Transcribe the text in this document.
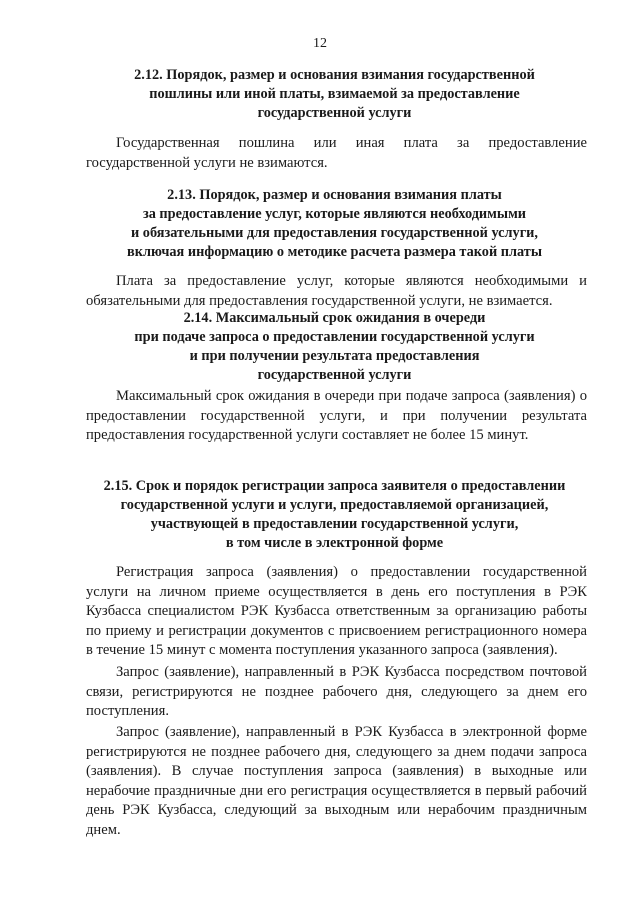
12
2.12. Порядок, размер и основания взимания государственной
пошлины или иной платы, взимаемой за предоставление
государственной услуги

Государственная пошлина или иная плата за предоставление государственной услуги не взимаются.

2.13. Порядок, размер и основания взимания платы
за предоставление услуг, которые являются необходимыми
и обязательными для предоставления государственной услуги,
включая информацию о методике расчета размера такой платы

Плата за предоставление услуг, которые являются необходимыми и обязательными для предоставления государственной услуги, не взимается.

2.14. Максимальный срок ожидания в очереди
при подаче запроса о предоставлении государственной услуги
и при получении результата предоставления
государственной услуги

Максимальный срок ожидания в очереди при подаче запроса (заявления) о предоставлении государственной услуги, и при получении результата предоставления государственной услуги составляет не более 15 минут.

2.15. Срок и порядок регистрации запроса заявителя о предоставлении
государственной услуги и услуги, предоставляемой организацией,
участвующей в предоставлении государственной услуги,
в том числе в электронной форме

Регистрация запроса (заявления) о предоставлении государственной услуги на личном приеме осуществляется в день его поступления в РЭК Кузбасса специалистом РЭК Кузбасса ответственным за организацию работы по приему и регистрации документов с присвоением регистрационного номера в течение 15 минут с момента поступления указанного запроса (заявления).

Запрос (заявление), направленный в РЭК Кузбасса посредством почтовой связи, регистрируются не позднее рабочего дня, следующего за днем его поступления.

Запрос (заявление), направленный в РЭК Кузбасса в электронной форме регистрируются не позднее рабочего дня, следующего за днем подачи запроса (заявления). В случае поступления запроса (заявления) в выходные или нерабочие праздничные дни его регистрация осуществляется в первый рабочий день РЭК Кузбасса, следующий за выходным или нерабочим праздничным днем.
